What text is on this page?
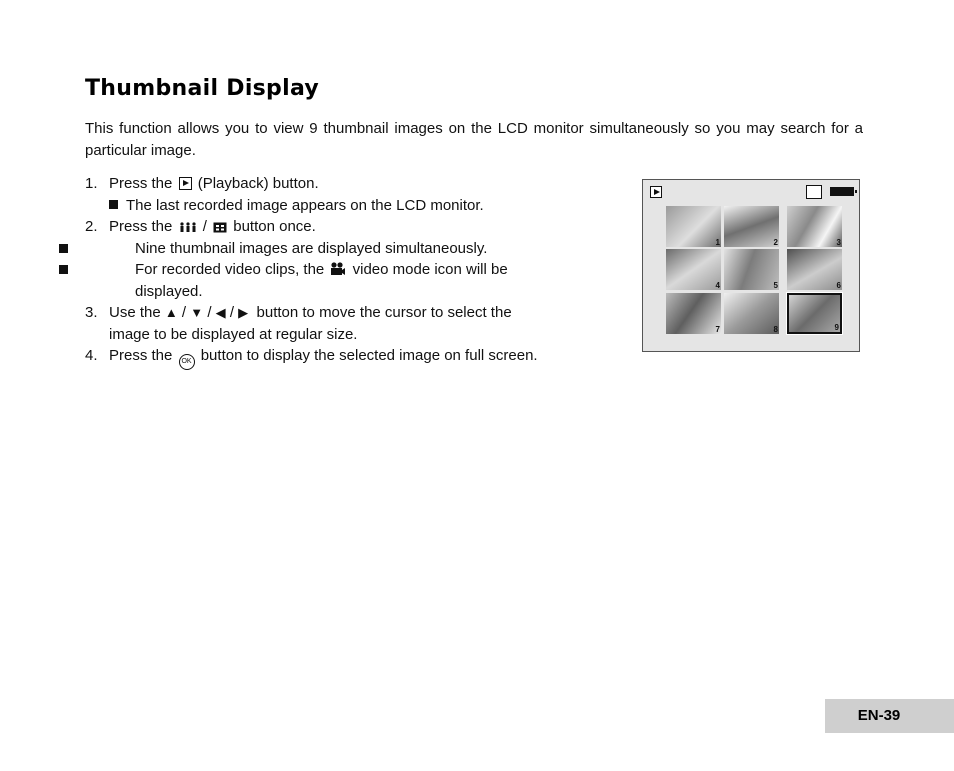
Thumbnail Display
This function allows you to view 9 thumbnail images on the LCD monitor simultaneously so you may search for a particular image.
1. Press the (Playback) button.
The last recorded image appears on the LCD monitor.
2. Press the / button once.
Nine thumbnail images are displayed simultaneously.
For recorded video clips, the video mode icon will be
displayed.
3. Use the ▲ / ▼ / ◀ / ▶ button to move the cursor to select the
image to be displayed at regular size.
4. Press the OK button to display the selected image on full screen.
1	2	3
4	5	6
7	8	9
EN-39
